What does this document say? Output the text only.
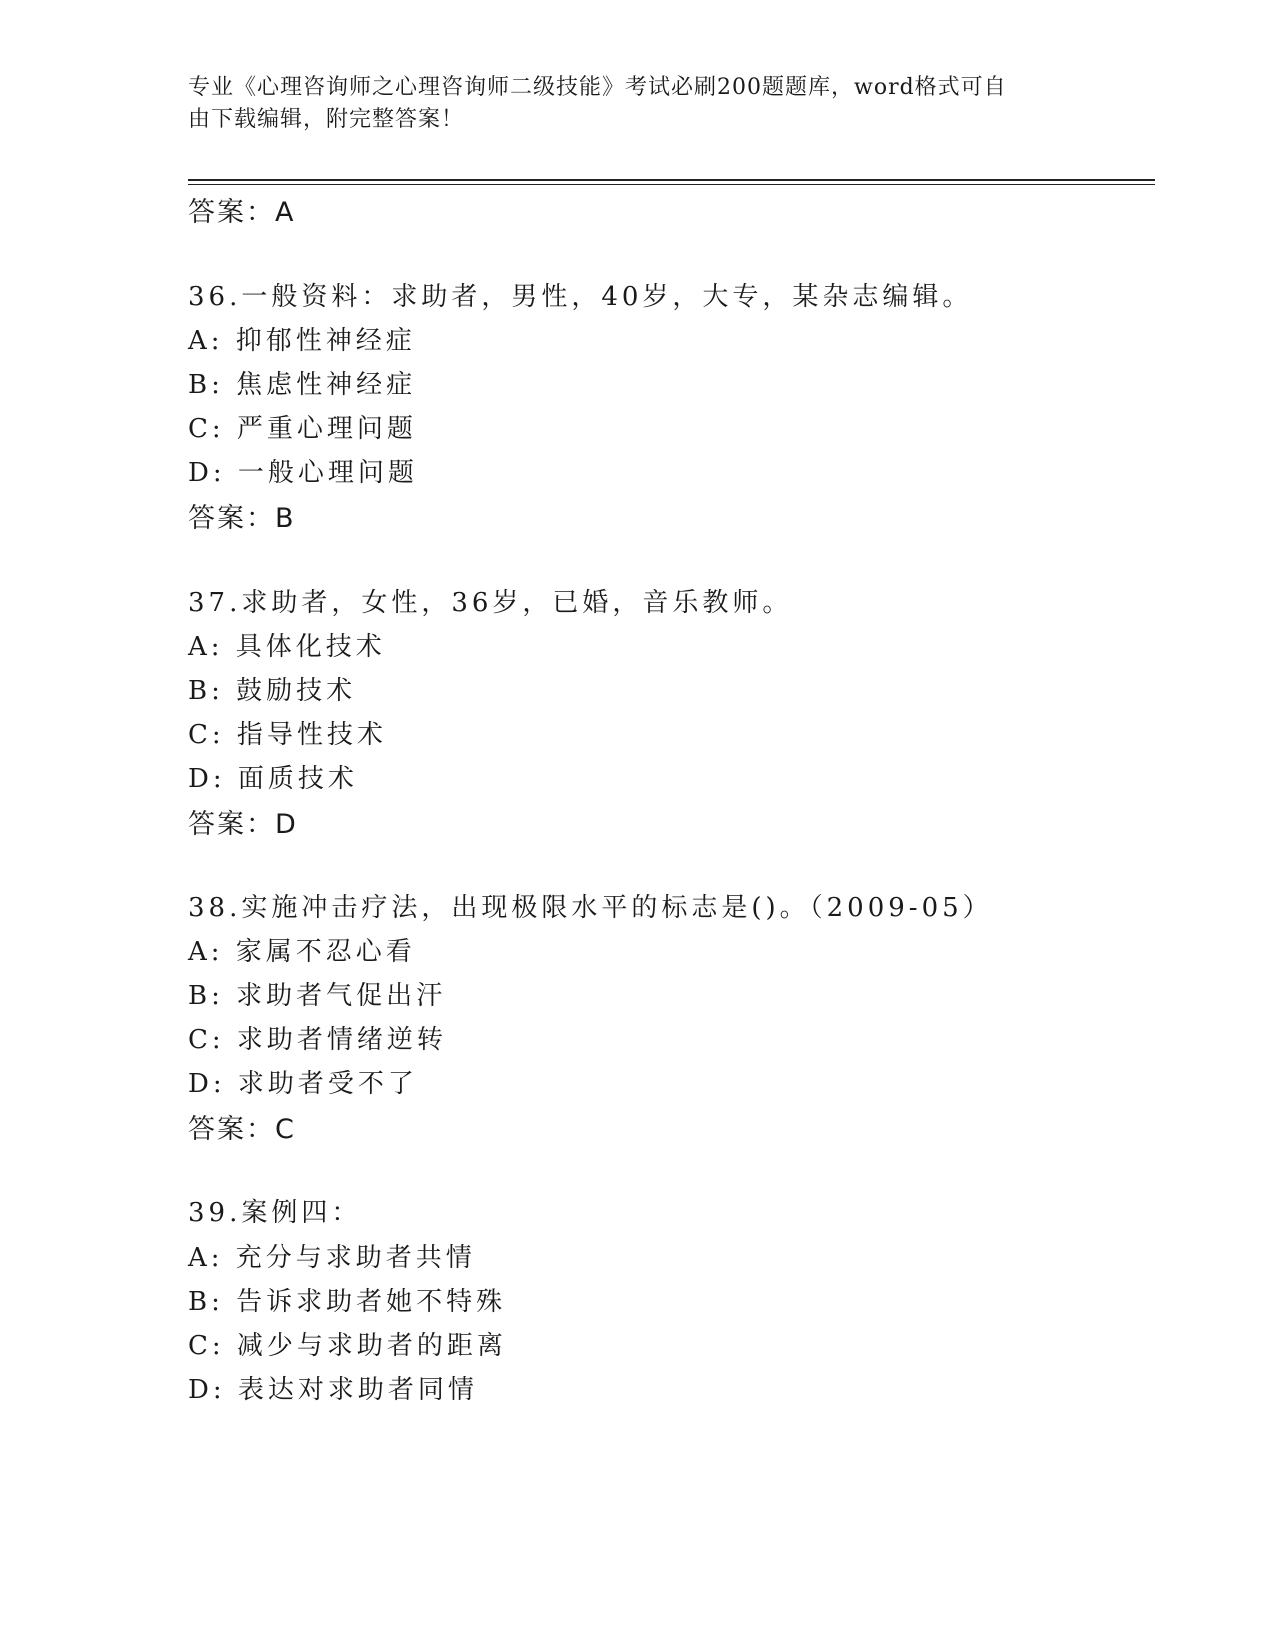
专业《心理咨询师之心理咨询师二级技能》考试必刷200题题库，word格式可自
由下载编辑，附完整答案！
答案：A
36.一般资料：求助者，男性，40岁，大专，某杂志编辑。
A: 抑郁性神经症
B: 焦虑性神经症
C: 严重心理问题
D: 一般心理问题
答案：B
37.求助者，女性，36岁，已婚，音乐教师。
A: 具体化技术
B: 鼓励技术
C: 指导性技术
D: 面质技术
答案：D
38.实施冲击疗法，出现极限水平的标志是()。（2009-05）
A: 家属不忍心看
B: 求助者气促出汗
C: 求助者情绪逆转
D: 求助者受不了
答案：C
39.案例四：
A: 充分与求助者共情
B: 告诉求助者她不特殊
C: 减少与求助者的距离
D: 表达对求助者同情
